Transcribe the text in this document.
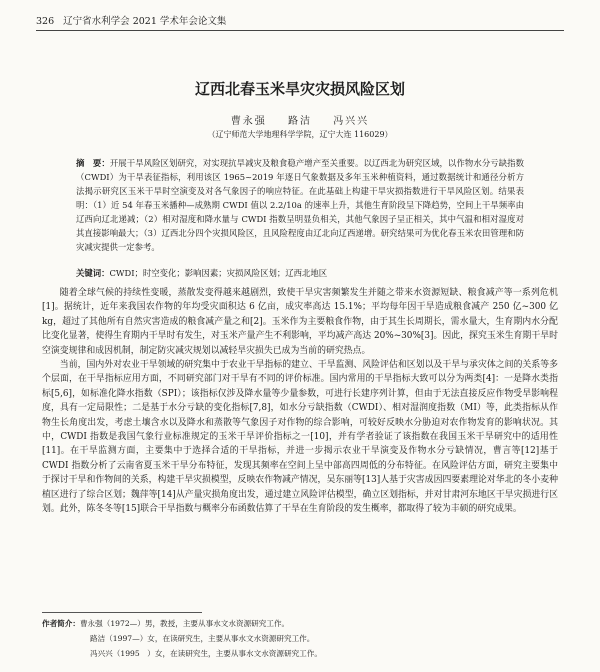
326 辽宁省水利学会 2021 学术年会论文集
辽西北春玉米旱灾灾损风险区划
曹永强 路洁 冯兴兴
（辽宁师范大学地理科学学院，辽宁大连 116029）
摘　要：开展干旱风险区划研究，对实现抗旱减灾及粮食稳产增产至关重要。以辽西北为研究区域，以作物水分亏缺指数（CWDI）为干旱表征指标，利用该区 1965~2019 年逐日气象数据及多年玉米种植资料，通过数据统计和通径分析方法揭示研究区玉米干旱时空演变及对各气象因子的响应特征。在此基础上构建干旱灾损指数进行干旱风险区划。结果表明：（1）近 54 年春玉米播种—成熟期 CWDI 值以 2.2/10a 的速率上升，其他生育阶段呈下降趋势，空间上干旱频率由辽西向辽北递减；（2）相对湿度和降水量与 CWDI 指数呈明显负相关，其他气象因子呈正相关，其中气温和相对湿度对其直接影响最大；（3）辽西北分四个灾损风险区，且风险程度由辽北向辽西递增。研究结果可为优化春玉米农田管理和防灾减灾提供一定参考。
关键词：CWDI；时空变化；影响因素；灾损风险区划；辽西北地区

随着全球气候的持续性变暖，蒸散发变得越来越剧烈，致使干旱灾害频繁发生并随之带来水资源短缺、粮食减产等一系列危机[1]。据统计，近年来我国农作物的年均受灾面积达 6 亿亩，成灾率高达 15.1%；平均每年因干旱造成粮食减产 250 亿~300 亿 kg，超过了其他所有自然灾害造成的粮食减产量之和[2]。玉米作为主要粮食作物，由于其生长周期长，需水量大，生育期内水分配比变化显著，使得生育期内干旱时有发生，对玉米产量产生不利影响，平均减产高达 20%~30%[3]。因此，探究玉米生育期干旱时空演变规律和成因机制，制定防灾减灾规划以减轻旱灾损失已成为当前的研究热点。

当前，国内外对农业干旱领域的研究集中于农业干旱指标的建立、干旱监测、风险评估和区划以及干旱与承灾体之间的关系等多个层面，在干旱指标应用方面，不同研究部门对干旱有不同的评价标准。国内常用的干旱指标大致可以分为两类[4]：一是降水类指标[5,6]，如标准化降水指数（SPI）；该指标仅涉及降水量等少量参数，可进行长建序列计算，但由于无法直接反应作物受旱影响程度，具有一定局限性；二是基于水分亏缺的变化指标[7,8]，如水分亏缺指数（CWDI）、相对湿润度指数（MI）等，此类指标从作物生长角度出发，考虑土壤含水以及降水和蒸散等气象因子对作物的综合影响，可较好反映水分胁迫对农作物发育的影响状况。其中，CWDI 指数是我国气象行业标准规定的玉米干旱评价指标之一[10]，并有学者验证了该指数在我国玉米干旱研究中的适用性[11]。在干旱监测方面，主要集中于选择合适的干旱指标，并进一步揭示农业干旱演变及作物水分亏缺情况，曹言等[12]基于 CWDI 指数分析了云南省夏玉米干旱分布特征，发现其频率在空间上呈中部高四周低的分布特征。在风险评估方面，研究主要集中于探讨干旱和作物间的关系，构建干旱灾损模型，反映农作物减产情况，吴东丽等[13]人基于灾害成因四要素理论对华北的冬小麦种植区进行了综合区划；魏萍等[14]从产量灾损角度出发，通过建立风险评估模型，确立区划指标，并对甘肃河东地区干旱灾损进行区划。此外，陈冬冬等[15]联合干旱指数与概率分布函数估算了干旱在生育阶段的发生概率，都取得了较为丰硕的研究成果。

作者简介：曹永强（1972—）男，教授，主要从事水文水资源研究工作。
路洁（1997—）女，在读研究生，主要从事水文水资源研究工作。
冯兴兴（1995　）女，在读研究生，主要从事水文水资源研究工作。
